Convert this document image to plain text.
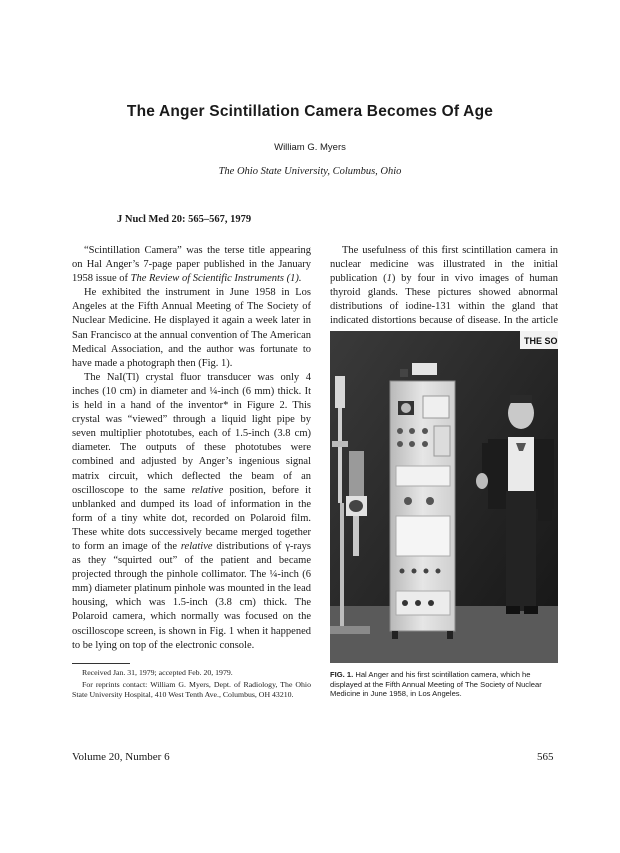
The Anger Scintillation Camera Becomes Of Age
William G. Myers
The Ohio State University, Columbus, Ohio
J Nucl Med 20: 565–567, 1979

“Scintillation Camera” was the terse title appearing on Hal Anger’s 7-page paper published in the January 1958 issue of The Review of Scientific Instruments (1).

He exhibited the instrument in June 1958 in Los Angeles at the Fifth Annual Meeting of The Society of Nuclear Medicine. He displayed it again a week later in San Francisco at the annual convention of The American Medical Association, and the author was fortunate to have made a photograph then (Fig. 1).

The NaI(Tl) crystal fluor transducer was only 4 inches (10 cm) in diameter and ¼-inch (6 mm) thick. It is held in a hand of the inventor* in Figure 2. This crystal was “viewed” through a liquid light pipe by seven multiplier phototubes, each of 1.5-inch (3.8 cm) diameter. The outputs of these phototubes were combined and adjusted by Anger’s ingenious signal matrix circuit, which deflected the beam of an oscilloscope to the same relative position, before it unblanked and dumped its load of information in the form of a tiny white dot, recorded on Polaroid film. These white dots successively became merged together to form an image of the relative distributions of γ-rays as they “squirted out” of the patient and became projected through the pinhole collimator. The ¼-inch (6 mm) diameter platinum pinhole was mounted in the lead housing, which was 1.5-inch (3.8 cm) thick. The Polaroid camera, which normally was focused on the oscilloscope screen, is shown in Fig. 1 when it happened to be lying on top of the electronic console.

The usefulness of this first scintillation camera in nuclear medicine was illustrated in the initial publication (1) by four in vivo images of human thyroid glands. These pictures showed abnormal distributions of iodine-131 within the gland that indicated distortions because of disease. In the article

THE SO

Received Jan. 31, 1979; accepted Feb. 20, 1979.

For reprints contact: William G. Myers, Dept. of Radiology, The Ohio State University Hospital, 410 West Tenth Ave., Columbus, OH 43210.

FIG. 1. Hal Anger and his first scintillation camera, which he displayed at the Fifth Annual Meeting of The Society of Nuclear Medicine in June 1958, in Los Angeles.
Volume 20, Number 6	565
